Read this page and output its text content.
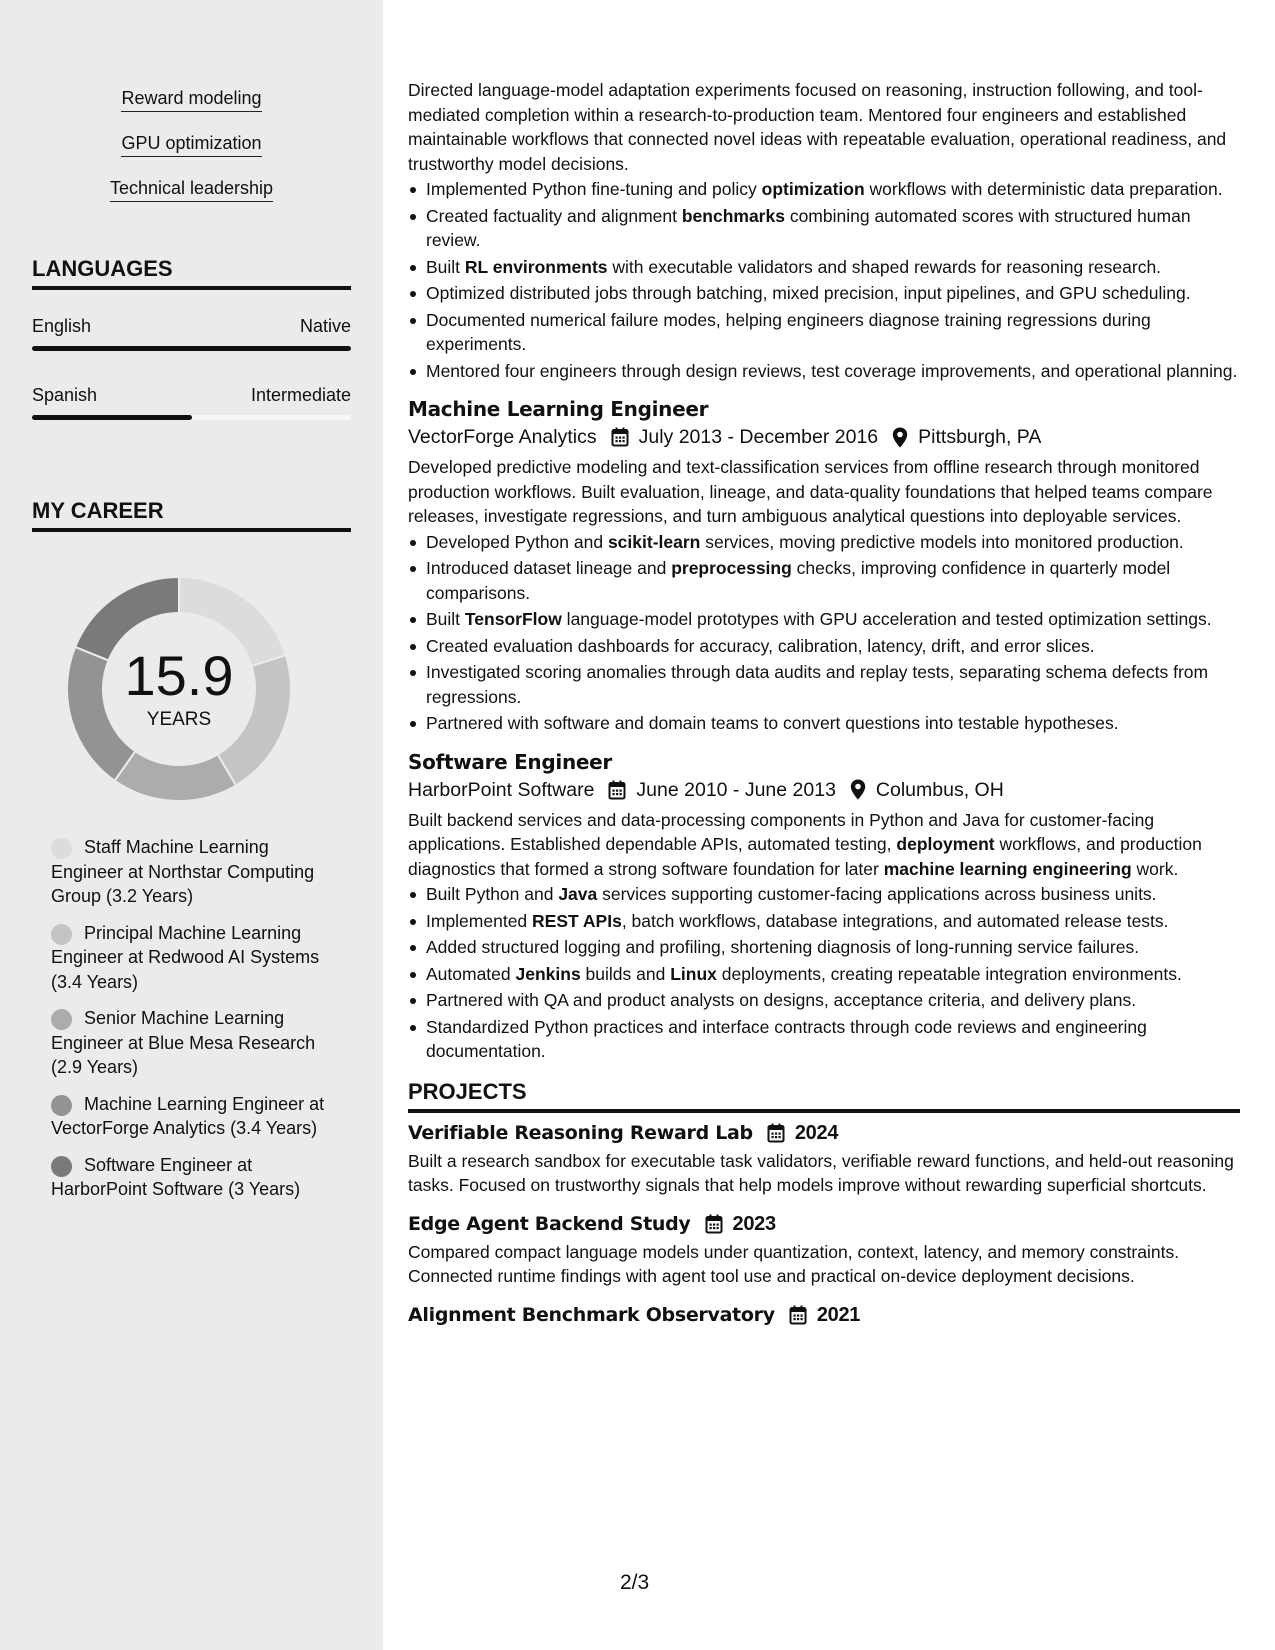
Reward modeling
GPU optimization
Technical leadership
LANGUAGES
English	Native
Spanish	Intermediate
MY CAREER
15.9
YEARS
Staff Machine Learning Engineer at Northstar Computing Group (3.2 Years)
Principal Machine Learning Engineer at Redwood AI Systems (3.4 Years)
Senior Machine Learning Engineer at Blue Mesa Research (2.9 Years)
Machine Learning Engineer at VectorForge Analytics (3.4 Years)
Software Engineer at HarborPoint Software (3 Years)

Directed language-model adaptation experiments focused on reasoning, instruction following, and tool-mediated completion within a research-to-production team. Mentored four engineers and established maintainable workflows that connected novel ideas with repeatable evaluation, operational readiness, and trustworthy model decisions.

Implemented Python fine-tuning and policy optimization workflows with deterministic data preparation.
Created factuality and alignment benchmarks combining automated scores with structured human review.
Built RL environments with executable validators and shaped rewards for reasoning research.
Optimized distributed jobs through batching, mixed precision, input pipelines, and GPU scheduling.
Documented numerical failure modes, helping engineers diagnose training regressions during experiments.
Mentored four engineers through design reviews, test coverage improvements, and operational planning.
Machine Learning Engineer
VectorForge Analytics July 2013 - December 2016 Pittsburgh, PA

Developed predictive modeling and text-classification services from offline research through monitored production workflows. Built evaluation, lineage, and data-quality foundations that helped teams compare releases, investigate regressions, and turn ambiguous analytical questions into deployable services.

Developed Python and scikit-learn services, moving predictive models into monitored production.
Introduced dataset lineage and preprocessing checks, improving confidence in quarterly model comparisons.
Built TensorFlow language-model prototypes with GPU acceleration and tested optimization settings.
Created evaluation dashboards for accuracy, calibration, latency, drift, and error slices.
Investigated scoring anomalies through data audits and replay tests, separating schema defects from regressions.
Partnered with software and domain teams to convert questions into testable hypotheses.
Software Engineer
HarborPoint Software June 2010 - June 2013 Columbus, OH

Built backend services and data-processing components in Python and Java for customer-facing applications. Established dependable APIs, automated testing, deployment workflows, and production diagnostics that formed a strong software foundation for later machine learning engineering work.

Built Python and Java services supporting customer-facing applications across business units.
Implemented REST APIs, batch workflows, database integrations, and automated release tests.
Added structured logging and profiling, shortening diagnosis of long-running service failures.
Automated Jenkins builds and Linux deployments, creating repeatable integration environments.
Partnered with QA and product analysts on designs, acceptance criteria, and delivery plans.
Standardized Python practices and interface contracts through code reviews and engineering documentation.
PROJECTS
Verifiable Reasoning Reward Lab 2024

Built a research sandbox for executable task validators, verifiable reward functions, and held-out reasoning tasks. Focused on trustworthy signals that help models improve without rewarding superficial shortcuts.

Edge Agent Backend Study 2023

Compared compact language models under quantization, context, latency, and memory constraints. Connected runtime findings with agent tool use and practical on-device deployment decisions.

Alignment Benchmark Observatory 2021
2/3
